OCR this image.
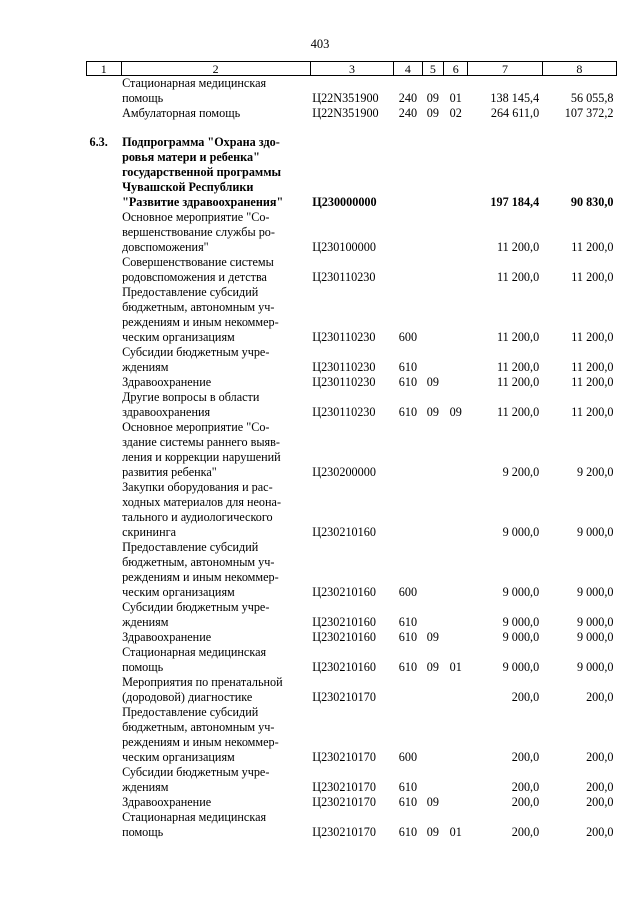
403
1	2	3	4	5	6	7	8

	Стационарная медицинская
помощь	Ц22N351900	240	09	01	138 145,4	56 055,8
	Амбулаторная помощь	Ц22N351900	240	09	02	264 611,0	107 372,2

6.3.	Подпрограмма "Охрана здо-
ровья матери и ребенка"
государственной программы
Чувашской Республики
"Развитие здравоохранения"	Ц230000000				197 184,4	90 830,0

	Основное мероприятие "Со-
вершенствование службы ро-
довспоможения"	Ц230100000				11 200,0	11 200,0

	Совершенствование системы
родовспоможения и детства	Ц230110230				11 200,0	11 200,0

	Предоставление субсидий
бюджетным, автономным уч-
реждениям и иным некоммер-
ческим организациям	Ц230110230	600			11 200,0	11 200,0

	Субсидии бюджетным учре-
ждениям	Ц230110230	610			11 200,0	11 200,0
	Здравоохранение	Ц230110230	610	09		11 200,0	11 200,0

	Другие вопросы в области
здравоохранения	Ц230110230	610	09	09	11 200,0	11 200,0

	Основное мероприятие "Со-
здание системы раннего выяв-
ления и коррекции нарушений
развития ребенка"	Ц230200000				9 200,0	9 200,0

	Закупки оборудования и рас-
ходных материалов для неона-
тального и аудиологического
скрининга	Ц230210160				9 000,0	9 000,0

	Предоставление субсидий
бюджетным, автономным уч-
реждениям и иным некоммер-
ческим организациям	Ц230210160	600			9 000,0	9 000,0

	Субсидии бюджетным учре-
ждениям	Ц230210160	610			9 000,0	9 000,0
	Здравоохранение	Ц230210160	610	09		9 000,0	9 000,0

	Стационарная медицинская
помощь	Ц230210160	610	09	01	9 000,0	9 000,0

	Мероприятия по пренатальной
(дородовой) диагностике	Ц230210170				200,0	200,0

	Предоставление субсидий
бюджетным, автономным уч-
реждениям и иным некоммер-
ческим организациям	Ц230210170	600			200,0	200,0

	Субсидии бюджетным учре-
ждениям	Ц230210170	610			200,0	200,0
	Здравоохранение	Ц230210170	610	09		200,0	200,0

	Стационарная медицинская
помощь	Ц230210170	610	09	01	200,0	200,0
